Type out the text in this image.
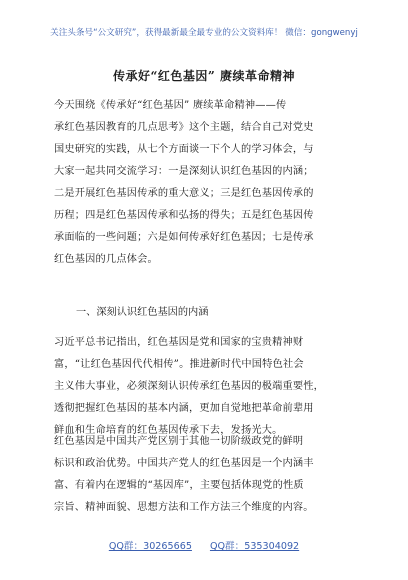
关注头条号“公文研究”，获得最新最全最专业的公文资料库！ 微信：gongwenyj
传承好“红色基因” 赓续革命精神

今天围绕《传承好“红色基因” 赓续革命精神——传
承红色基因教育的几点思考》这个主题，结合自己对党史
国史研究的实践，从七个方面谈一下个人的学习体会，与
大家一起共同交流学习：一是深刻认识红色基因的内涵；
二是开展红色基因传承的重大意义；三是红色基因传承的
历程；四是红色基因传承和弘扬的得失；五是红色基因传
承面临的一些问题；六是如何传承好红色基因；七是传承
红色基因的几点体会。

一、深刻认识红色基因的内涵

习近平总书记指出，红色基因是党和国家的宝贵精神财
富，“让红色基因代代相传”。推进新时代中国特色社会
主义伟大事业，必须深刻认识传承红色基因的极端重要性，
透彻把握红色基因的基本内涵，更加自觉地把革命前辈用
鲜血和生命培育的红色基因传承下去，发扬光大。

红色基因是中国共产党区别于其他一切阶级政党的鲜明
标识和政治优势。中国共产党人的红色基因是一个内涵丰
富、有着内在逻辑的“基因库”，主要包括体现党的性质
宗旨、精神面貌、思想方法和工作方法三个维度的内容。

QQ群：30265665 QQ群：535304092
